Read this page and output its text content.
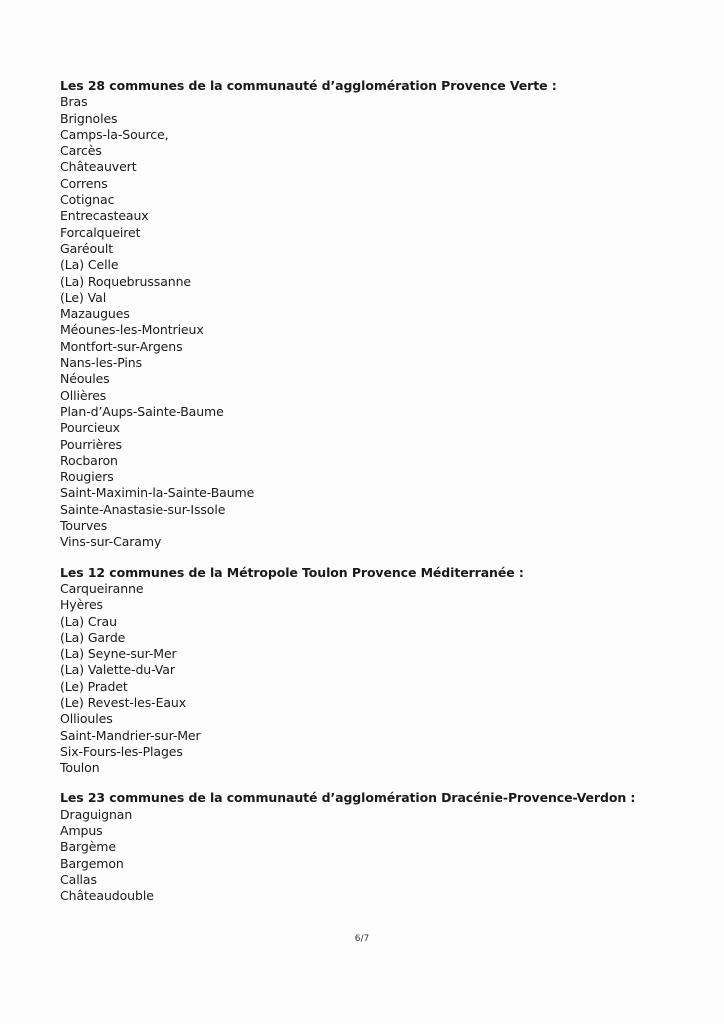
Les 28 communes de la communauté d’agglomération Provence Verte :

Bras
Brignoles
Camps-la-Source,
Carcès
Châteauvert
Correns
Cotignac
Entrecasteaux
Forcalqueiret
Garéoult
(La) Celle
(La) Roquebrussanne
(Le) Val
Mazaugues
Méounes-les-Montrieux
Montfort-sur-Argens
Nans-les-Pins
Néoules
Ollières
Plan-d’Aups-Sainte-Baume
Pourcieux
Pourrières
Rocbaron
Rougiers
Saint-Maximin-la-Sainte-Baume
Sainte-Anastasie-sur-Issole
Tourves
Vins-sur-Caramy

Les 12 communes de la Métropole Toulon Provence Méditerranée :

Carqueiranne
Hyères
(La) Crau
(La) Garde
(La) Seyne-sur-Mer
(La) Valette-du-Var
(Le) Pradet
(Le) Revest-les-Eaux
Ollioules
Saint-Mandrier-sur-Mer
Six-Fours-les-Plages
Toulon

Les 23 communes de la communauté d’agglomération Dracénie-Provence-Verdon :

Draguignan
Ampus
Bargème
Bargemon
Callas
Châteaudouble
6/7
